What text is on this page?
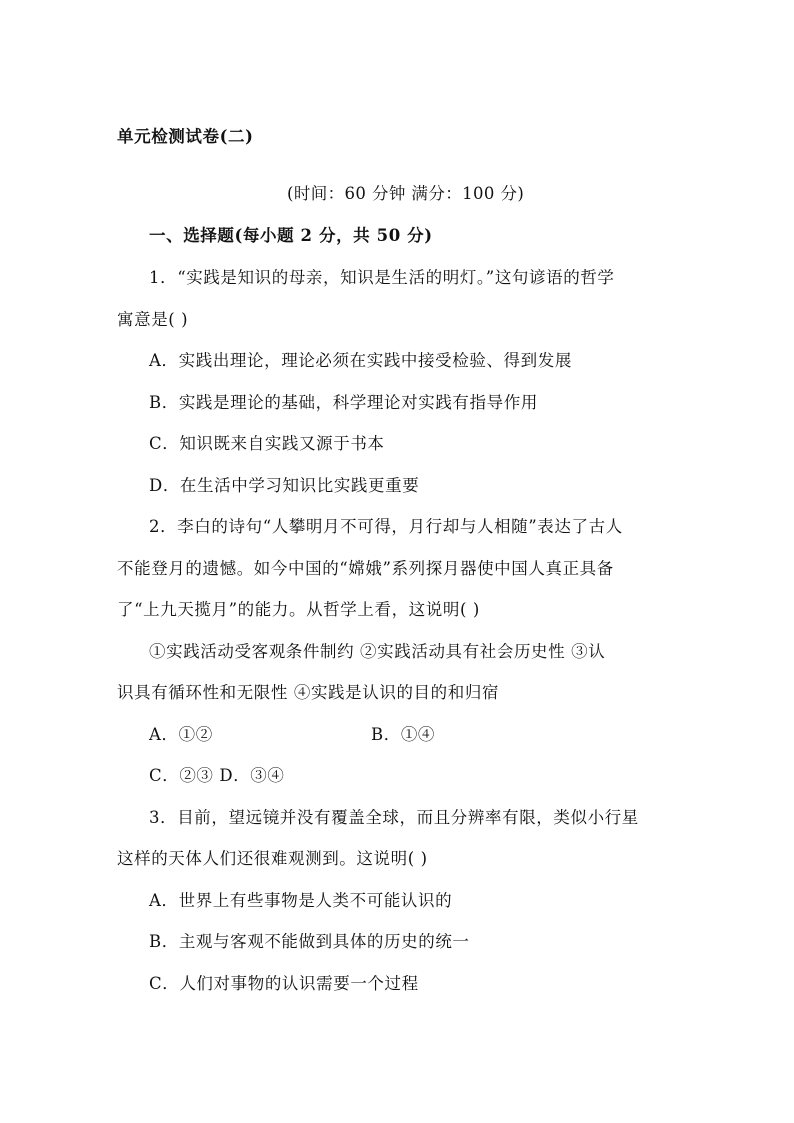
单元检测试卷(二)
(时间：60 分钟 满分：100 分)
一、选择题(每小题 2 分，共 50 分)
1．“实践是知识的母亲，知识是生活的明灯。”这句谚语的哲学
寓意是( )
A．实践出理论，理论必须在实践中接受检验、得到发展
B．实践是理论的基础，科学理论对实践有指导作用
C．知识既来自实践又源于书本
D．在生活中学习知识比实践更重要
2．李白的诗句“人攀明月不可得，月行却与人相随”表达了古人
不能登月的遗憾。如今中国的“嫦娥”系列探月器使中国人真正具备
了“上九天揽月”的能力。从哲学上看，这说明( )
①实践活动受客观条件制约 ②实践活动具有社会历史性 ③认
识具有循环性和无限性 ④实践是认识的目的和归宿
A．①②	B．①④
C．②③ D．③④
3．目前，望远镜并没有覆盖全球，而且分辨率有限，类似小行星
这样的天体人们还很难观测到。这说明( )
A．世界上有些事物是人类不可能认识的
B．主观与客观不能做到具体的历史的统一
C．人们对事物的认识需要一个过程
